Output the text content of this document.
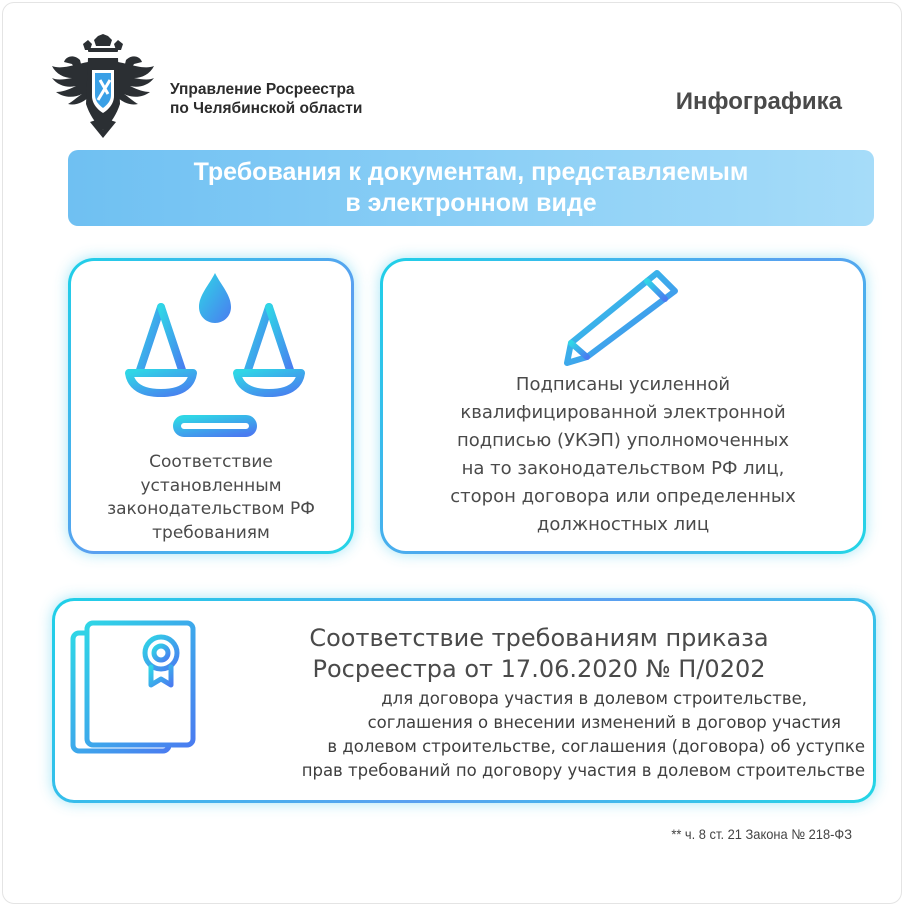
Управление Росреестра
по Челябинской области	Инфографика
Требования к документам, представляемым
в электронном виде
Соответствие
установленным
законодательством РФ
требованиям
Подписаны усиленной
квалифицированной электронной
подписью (УКЭП) уполномоченных
на то законодательством РФ лиц,
сторон договора или определенных
должностных лиц
Соответствие требованиям приказа
Росреестра от 17.06.2020 № П/0202
для договора участия в долевом строительстве,
соглашения о внесении изменений в договор участия
в долевом строительстве, соглашения (договора) об уступке
прав требований по договору участия в долевом строительстве
** ч. 8 ст. 21 Закона № 218-ФЗ
